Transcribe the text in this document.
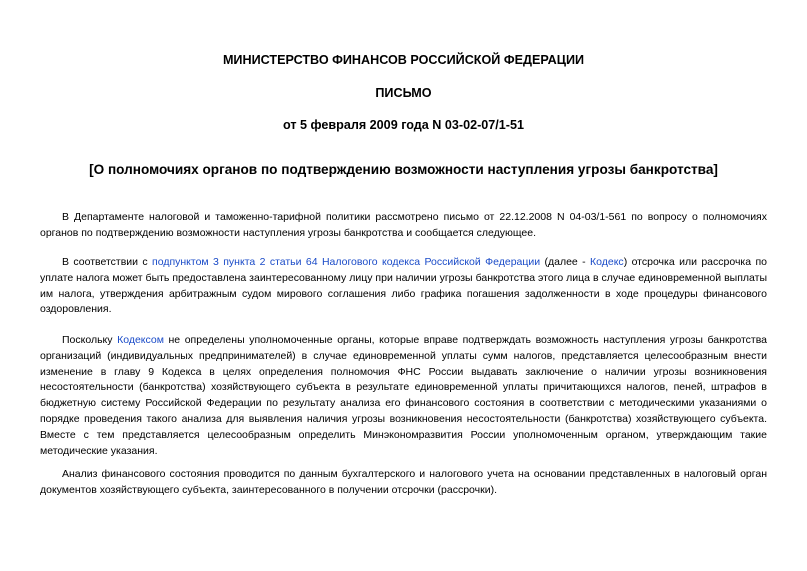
МИНИСТЕРСТВО ФИНАНСОВ РОССИЙСКОЙ ФЕДЕРАЦИИ
ПИСЬМО
от 5 февраля 2009 года N 03-02-07/1-51
[О полномочиях органов по подтверждению возможности наступления угрозы банкротства]

В Департаменте налоговой и таможенно-тарифной политики рассмотрено письмо от 22.12.2008 N 04-03/1-561 по вопросу о полномочиях органов по подтверждению возможности наступления угрозы банкротства и сообщается следующее.

В соответствии с подпунктом 3 пункта 2 статьи 64 Налогового кодекса Российской Федерации (далее - Кодекс) отсрочка или рассрочка по уплате налога может быть предоставлена заинтересованному лицу при наличии угрозы банкротства этого лица в случае единовременной выплаты им налога, утверждения арбитражным судом мирового соглашения либо графика погашения задолженности в ходе процедуры финансового оздоровления.

Поскольку Кодексом не определены уполномоченные органы, которые вправе подтверждать возможность наступления угрозы банкротства организаций (индивидуальных предпринимателей) в случае единовременной уплаты сумм налогов, представляется целесообразным внести изменение в главу 9 Кодекса в целях определения полномочия ФНС России выдавать заключение о наличии угрозы возникновения несостоятельности (банкротства) хозяйствующего субъекта в результате единовременной уплаты причитающихся налогов, пеней, штрафов в бюджетную систему Российской Федерации по результату анализа его финансового состояния в соответствии с методическими указаниями о порядке проведения такого анализа для выявления наличия угрозы возникновения несостоятельности (банкротства) хозяйствующего субъекта. Вместе с тем представляется целесообразным определить Минэкономразвития России уполномоченным органом, утверждающим такие методические указания.

Анализ финансового состояния проводится по данным бухгалтерского и налогового учета на основании представленных в налоговый орган документов хозяйствующего субъекта, заинтересованного в получении отсрочки (рассрочки).
